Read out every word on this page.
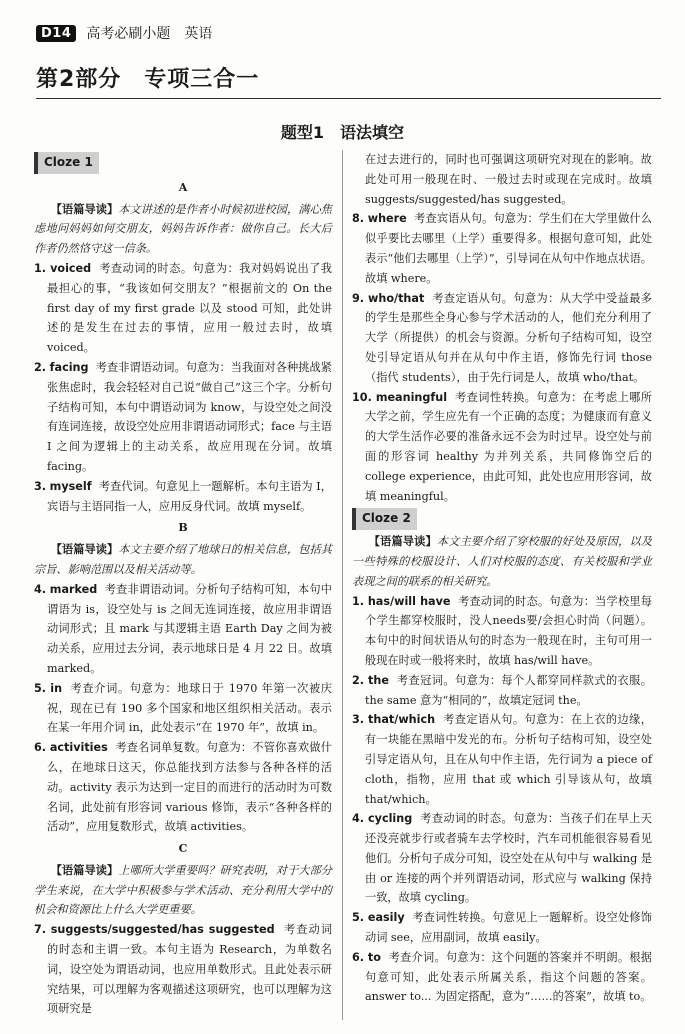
D14	高考必刷小题 英语
第2部分　专项三合一
题型1　语法填空
Cloze 1
A
【语篇导读】本文讲述的是作者小时候初进校园，满心焦虑地问妈妈如何交朋友，妈妈告诉作者：做你自己。长大后作者仍然恪守这一信条。
1. voiced 考查动词的时态。句意为：我对妈妈说出了我最担心的事，“我该如何交朋友？”根据前文的 On the first day of my first grade 以及 stood 可知，此处讲述的是发生在过去的事情，应用一般过去时，故填 voiced。
2. facing 考查非谓语动词。句意为：当我面对各种挑战紧张焦虑时，我会轻轻对自己说“做自己”这三个字。分析句子结构可知，本句中谓语动词为 know，与设空处之间没有连词连接，故设空处应用非谓语动词形式；face 与主语 I 之间为逻辑上的主动关系，故应用现在分词。故填 facing。
3. myself 考查代词。句意见上一题解析。本句主语为 I，宾语与主语同指一人，应用反身代词。故填 myself。
B
【语篇导读】本文主要介绍了地球日的相关信息，包括其宗旨、影响范围以及相关活动等。
4. marked 考查非谓语动词。分析句子结构可知，本句中谓语为 is，设空处与 is 之间无连词连接，故应用非谓语动词形式；且 mark 与其逻辑主语 Earth Day 之间为被动关系，应用过去分词，表示地球日是 4 月 22 日。故填 marked。
5. in 考查介词。句意为：地球日于 1970 年第一次被庆祝，现在已有 190 多个国家和地区组织相关活动。表示在某一年用介词 in，此处表示“在 1970 年”，故填 in。
6. activities 考查名词单复数。句意为：不管你喜欢做什么，在地球日这天，你总能找到方法参与各种各样的活动。activity 表示为达到一定目的而进行的活动时为可数名词，此处前有形容词 various 修饰，表示“各种各样的活动”，应用复数形式，故填 activities。
C
【语篇导读】上哪所大学重要吗？研究表明，对于大部分学生来说，在大学中积极参与学术活动、充分利用大学中的机会和资源比上什么大学更重要。
7. suggests/suggested/has suggested 考查动词的时态和主谓一致。本句主语为 Research，为单数名词，设空处为谓语动词，也应用单数形式。且此处表示研究结果，可以理解为客观描述这项研究，也可以理解为这项研究是
在过去进行的，同时也可强调这项研究对现在的影响。故此处可用一般现在时、一般过去时或现在完成时。故填 suggests/suggested/has suggested。
8. where 考查宾语从句。句意为：学生们在大学里做什么似乎要比去哪里（上学）重要得多。根据句意可知，此处表示“他们去哪里（上学）”，引导词在从句中作地点状语。故填 where。
9. who/that 考查定语从句。句意为：从大学中受益最多的学生是那些全身心参与学术活动的人，他们充分利用了大学（所提供）的机会与资源。分析句子结构可知，设空处引导定语从句并在从句中作主语，修饰先行词 those（指代 students），由于先行词是人，故填 who/that。
10. meaningful 考查词性转换。句意为：在考虑上哪所大学之前，学生应先有一个正确的态度；为健康而有意义的大学生活作必要的准备永远不会为时过早。设空处与前面的形容词 healthy 为并列关系，共同修饰空后的 college experience，由此可知，此处也应用形容词，故填 meaningful。
Cloze 2
【语篇导读】本文主要介绍了穿校服的好处及原因，以及一些特殊的校服设计、人们对校服的态度、有关校服和学业表现之间的联系的相关研究。
1. has/will have 考查动词的时态。句意为：当学校里每个学生都穿校服时，没人needs要/会担心时尚（问题）。本句中的时间状语从句的时态为一般现在时，主句可用一般现在时或一般将来时，故填 has/will have。
2. the 考查冠词。句意为：每个人都穿同样款式的衣服。the same 意为“相同的”，故填定冠词 the。
3. that/which 考查定语从句。句意为：在上衣的边缘，有一块能在黑暗中发光的布。分析句子结构可知，设空处引导定语从句，且在从句中作主语，先行词为 a piece of cloth，指物，应用 that 或 which 引导该从句，故填 that/which。
4. cycling 考查动词的时态。句意为：当孩子们在早上天还没亮就步行或者骑车去学校时，汽车司机能很容易看见他们。分析句子成分可知，设空处在从句中与 walking 是由 or 连接的两个并列谓语动词，形式应与 walking 保持一致，故填 cycling。
5. easily 考查词性转换。句意见上一题解析。设空处修饰动词 see，应用副词，故填 easily。
6. to 考查介词。句意为：这个问题的答案并不明朗。根据句意可知，此处表示所属关系，指这个问题的答案。answer to... 为固定搭配，意为“……的答案”，故填 to。
